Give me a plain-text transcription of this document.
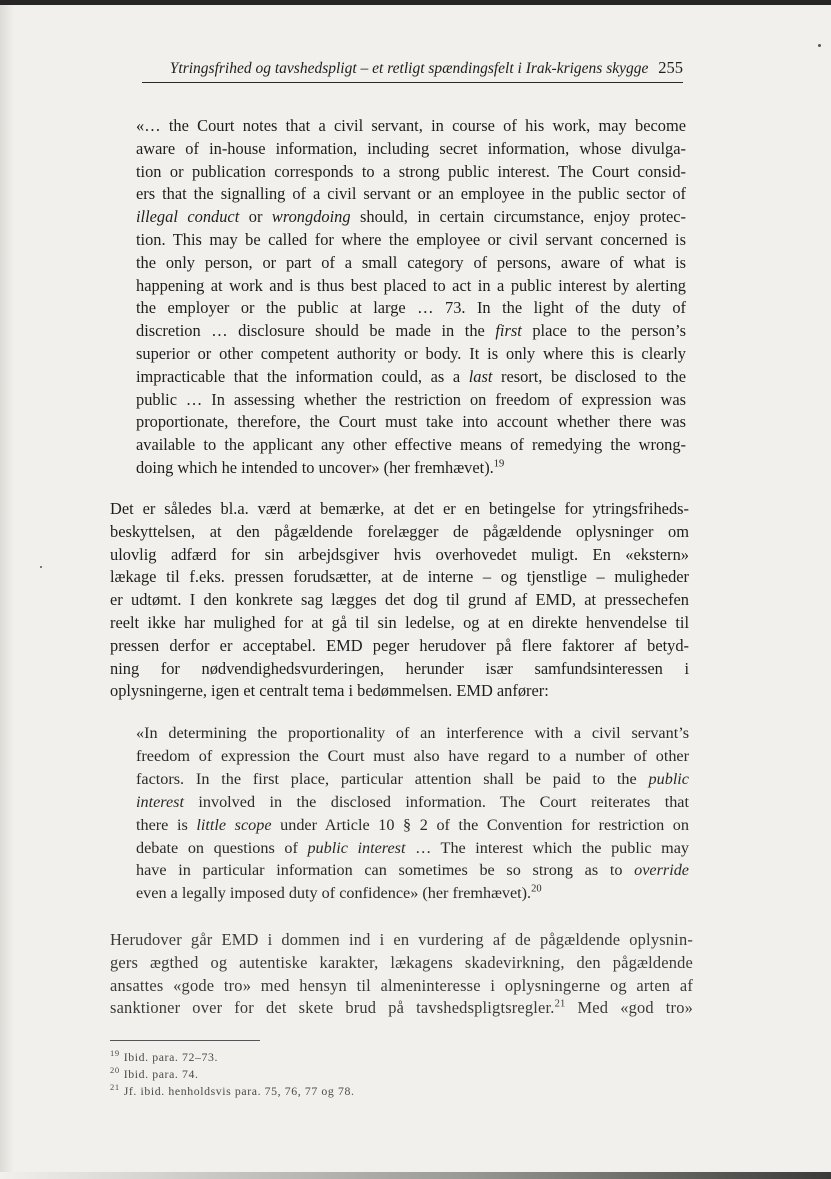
Ytringsfrihed og tavshedspligt – et retligt spændingsfelt i Irak-krigens skygge 255
«… the Court notes that a civil servant, in course of his work, may become
aware of in-house information, including secret information, whose divulga-
tion or publication corresponds to a strong public interest. The Court consid-
ers that the signalling of a civil servant or an employee in the public sector of
illegal conduct or wrongdoing should, in certain circumstance, enjoy protec-
tion. This may be called for where the employee or civil servant concerned is
the only person, or part of a small category of persons, aware of what is
happening at work and is thus best placed to act in a public interest by alerting
the employer or the public at large … 73. In the light of the duty of
discretion … disclosure should be made in the first place to the person’s
superior or other competent authority or body. It is only where this is clearly
impracticable that the information could, as a last resort, be disclosed to the
public … In assessing whether the restriction on freedom of expression was
proportionate, therefore, the Court must take into account whether there was
available to the applicant any other effective means of remedying the wrong-
doing which he intended to uncover» (her fremhævet).$^{19}$
Det er således bl.a. værd at bemærke, at det er en betingelse for ytringsfriheds-
beskyttelsen, at den pågældende forelægger de pågældende oplysninger om
ulovlig adfærd for sin arbejdsgiver hvis overhovedet muligt. En «ekstern»
lækage til f.eks. pressen forudsætter, at de interne – og tjenstlige – muligheder
er udtømt. I den konkrete sag lægges det dog til grund af EMD, at pressechefen
reelt ikke har mulighed for at gå til sin ledelse, og at en direkte henvendelse til
pressen derfor er acceptabel. EMD peger herudover på flere faktorer af betyd-
ning for nødvendighedsvurderingen, herunder især samfundsinteressen i
oplysningerne, igen et centralt tema i bedømmelsen. EMD anfører:
«In determining the proportionality of an interference with a civil servant’s
freedom of expression the Court must also have regard to a number of other
factors. In the first place, particular attention shall be paid to the public
interest involved in the disclosed information. The Court reiterates that
there is little scope under Article 10 § 2 of the Convention for restriction on
debate on questions of public interest … The interest which the public may
have in particular information can sometimes be so strong as to override
even a legally imposed duty of confidence» (her fremhævet).$^{20}$
Herudover går EMD i dommen ind i en vurdering af de pågældende oplysnin-
gers ægthed og autentiske karakter, lækagens skadevirkning, den pågældende
ansattes «gode tro» med hensyn til almeninteresse i oplysningerne og arten af
sanktioner over for det skete brud på tavshedspligtsregler.$^{21}$ Med «god tro»
$^{19}$ Ibid. para. 72–73.
$^{20}$ Ibid. para. 74.
$^{21}$ Jf. ibid. henholdsvis para. 75, 76, 77 og 78.
